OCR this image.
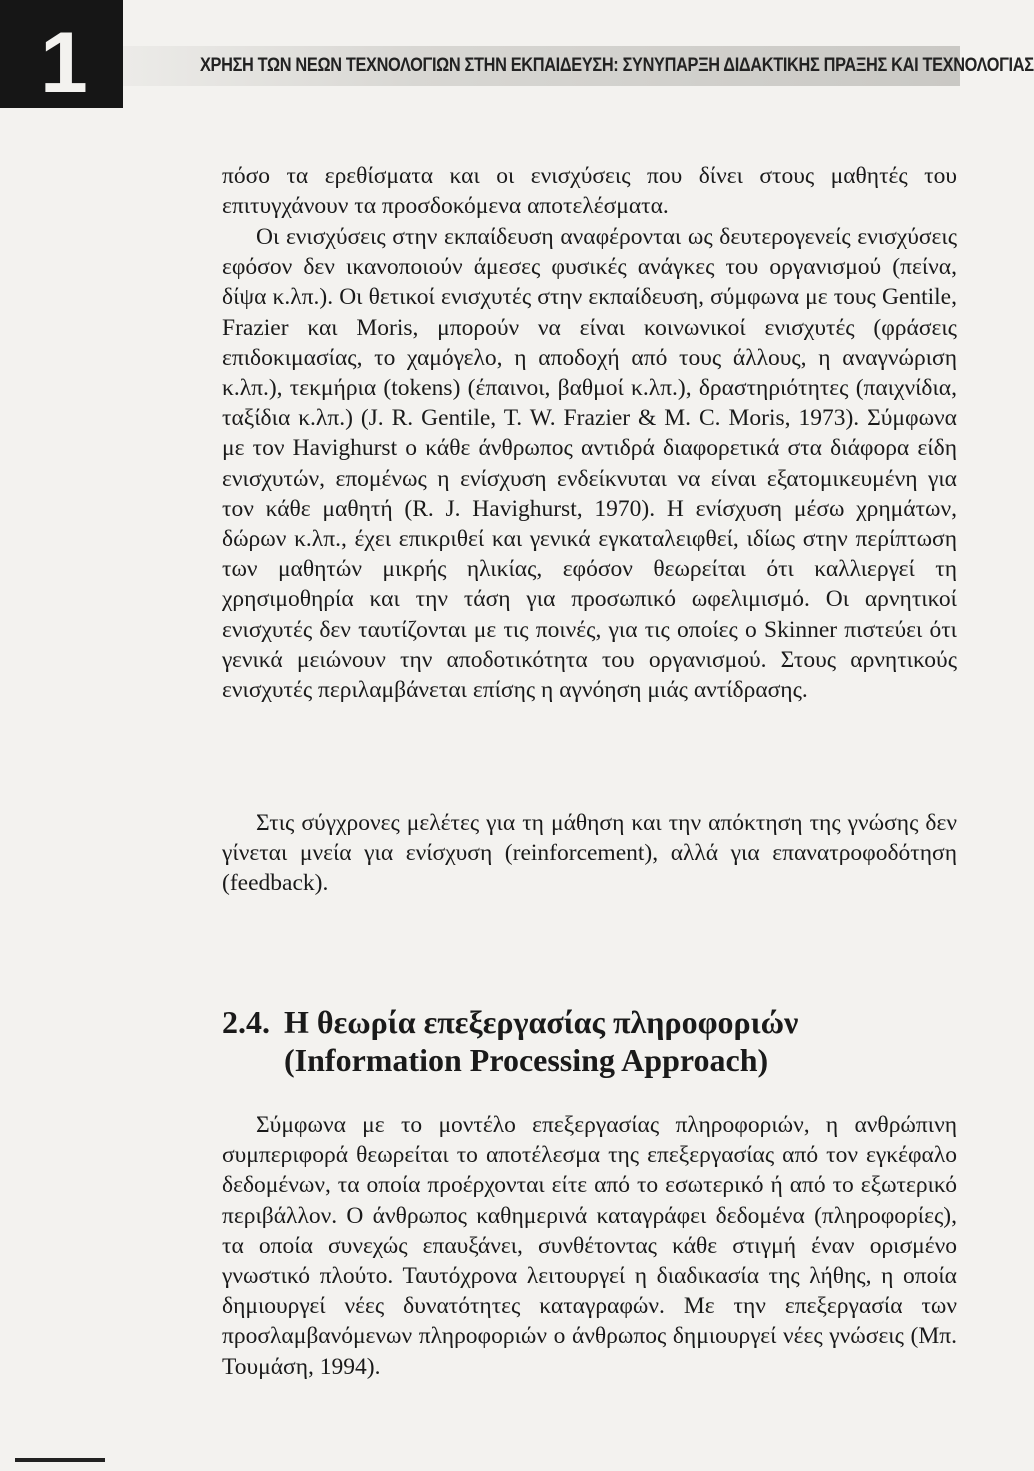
1	ΧΡΗΣΗ ΤΩΝ ΝΕΩΝ ΤΕΧΝΟΛΟΓΙΩΝ ΣΤΗΝ ΕΚΠΑΙΔΕΥΣΗ: ΣΥΝΥΠΑΡΞΗ ΔΙΔΑΚΤΙΚΗΣ ΠΡΑΞΗΣ ΚΑΙ ΤΕΧΝΟΛΟΓΙΑΣ

πόσο τα ερεθίσματα και οι ενισχύσεις που δίνει στους μαθητές του επιτυγχάνουν τα προσδοκόμενα αποτελέσματα.

Οι ενισχύσεις στην εκπαίδευση αναφέρονται ως δευτερογενείς ενισχύσεις εφόσον δεν ικανοποιούν άμεσες φυσικές ανάγκες του οργανισμού (πείνα, δίψα κ.λπ.). Οι θετικοί ενισχυτές στην εκπαίδευση, σύμφωνα με τους Gentile, Frazier και Moris, μπορούν να είναι κοινωνικοί ενισχυτές (φράσεις επιδοκιμασίας, το χαμόγελο, η αποδοχή από τους άλλους, η αναγνώριση κ.λπ.), τεκμήρια (tokens) (έπαινοι, βαθμοί κ.λπ.), δραστηριότητες (παιχνίδια, ταξίδια κ.λπ.) (J. R. Gentile, T. W. Frazier & M. C. Moris, 1973). Σύμφωνα με τον Havighurst ο κάθε άνθρωπος αντιδρά διαφορετικά στα διάφορα είδη ενισχυτών, επομένως η ενίσχυση ενδείκνυται να είναι εξατομικευμένη για τον κάθε μαθητή (R. J. Havighurst, 1970). Η ενίσχυση μέσω χρημάτων, δώρων κ.λπ., έχει επικριθεί και γενικά εγκαταλειφθεί, ιδίως στην περίπτωση των μαθητών μικρής ηλικίας, εφόσον θεωρείται ότι καλλιεργεί τη χρησιμοθηρία και την τάση για προσωπικό ωφελιμισμό. Οι αρνητικοί ενισχυτές δεν ταυτίζονται με τις ποινές, για τις οποίες ο Skinner πιστεύει ότι γενικά μειώνουν την αποδοτικότητα του οργανισμού. Στους αρνητικούς ενισχυτές περιλαμβάνεται επίσης η αγνόηση μιάς αντίδρασης.

Στις σύγχρονες μελέτες για τη μάθηση και την απόκτηση της γνώσης δεν γίνεται μνεία για ενίσχυση (reinforcement), αλλά για επανατροφοδότηση (feedback).

2.4. Η θεωρία επεξεργασίας πληροφοριών
(Information Processing Approach)

Σύμφωνα με το μοντέλο επεξεργασίας πληροφοριών, η ανθρώπινη συμπεριφορά θεωρείται το αποτέλεσμα της επεξεργασίας από τον εγκέφαλο δεδομένων, τα οποία προέρχονται είτε από το εσωτερικό ή από το εξωτερικό περιβάλλον. Ο άνθρωπος καθημερινά καταγράφει δεδομένα (πληροφορίες), τα οποία συνεχώς επαυξάνει, συνθέτοντας κάθε στιγμή έναν ορισμένο γνωστικό πλούτο. Ταυτόχρονα λειτουργεί η διαδικασία της λήθης, η οποία δημιουργεί νέες δυνατότητες καταγραφών. Με την επεξεργασία των προσλαμβανόμενων πληροφοριών ο άνθρωπος δημιουργεί νέες γνώσεις (Μπ. Τουμάση, 1994).
